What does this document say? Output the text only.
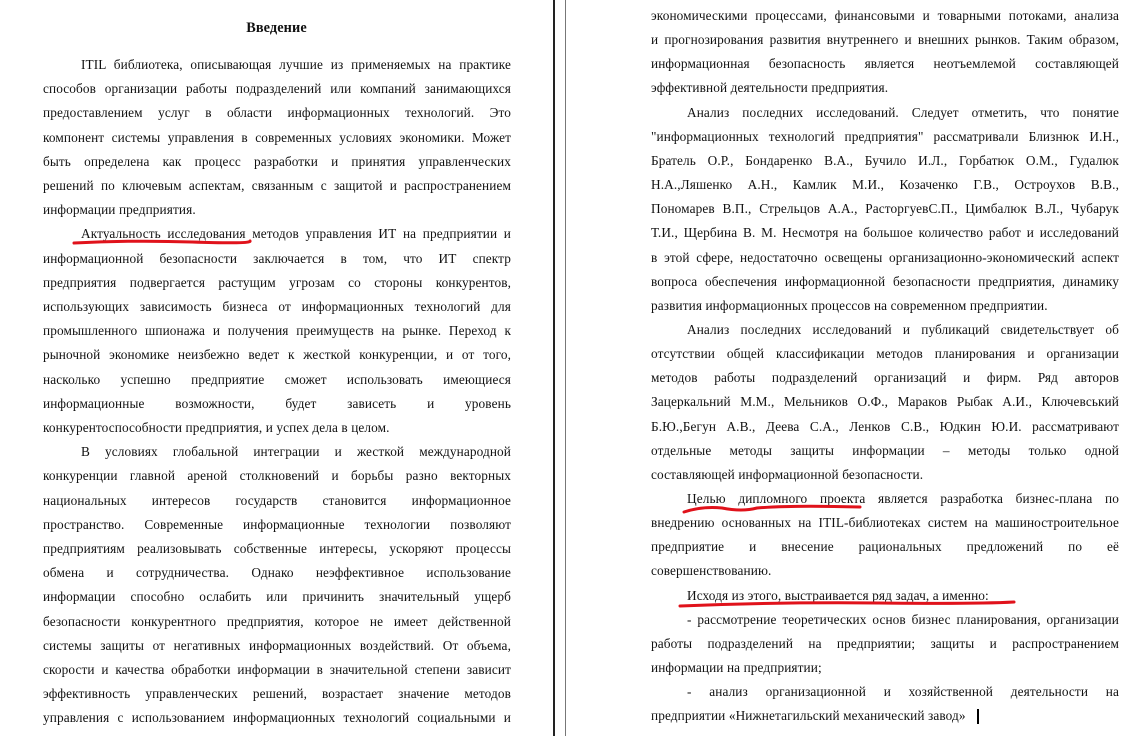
Введение
ITIL библиотека, описывающая лучшие из применяемых на практике
способов организации работы подразделений или компаний занимающихся
предоставлением услуг в области информационных технологий. Это
компонент системы управления в современных условиях экономики. Может
быть определена как процесс разработки и принятия управленческих
решений по ключевым аспектам, связанным с защитой и распространением
информации предприятия.
Актуальность исследования методов управления ИТ на предприятии и
информационной безопасности заключается в том, что ИТ спектр
предприятия подвергается растущим угрозам со стороны конкурентов,
использующих зависимость бизнеса от информационных технологий для
промышленного шпионажа и получения преимуществ на рынке. Переход к
рыночной экономике неизбежно ведет к жесткой конкуренции, и от того,
насколько успешно предприятие сможет использовать имеющиеся
информационные возможности, будет зависеть и уровень
конкурентоспособности предприятия, и успех дела в целом.
В условиях глобальной интеграции и жесткой международной
конкуренции главной ареной столкновений и борьбы разно векторных
национальных интересов государств становится информационное
пространство. Современные информационные технологии позволяют
предприятиям реализовывать собственные интересы, ускоряют процессы
обмена и сотрудничества. Однако неэффективное использование
информации способно ослабить или причинить значительный ущерб
безопасности конкурентного предприятия, которое не имеет действенной
системы защиты от негативных информационных воздействий. От объема,
скорости и качества обработки информации в значительной степени зависит
эффективность управленческих решений, возрастает значение методов
управления с использованием информационных технологий социальными и
экономическими процессами, финансовыми и товарными потоками, анализа
и прогнозирования развития внутреннего и внешних рынков. Таким образом,
информационная безопасность является неотъемлемой составляющей
эффективной деятельности предприятия.
Анализ последних исследований. Следует отметить, что понятие
"информационных технологий предприятия" рассматривали Близнюк И.Н.,
Братель О.Р., Бондаренко В.А., Бучило И.Л., Горбатюк О.М., Гудалюк
Н.А.,Ляшенко А.Н., Камлик М.И., Козаченко Г.В., Остроухов В.В.,
Пономарев В.П., Стрельцов А.А., РасторгуевС.П., Цимбалюк В.Л., Чубарук
Т.И., Щербина В. М. Несмотря на большое количество работ и исследований
в этой сфере, недостаточно освещены организационно-экономический аспект
вопроса обеспечения информационной безопасности предприятия, динамику
развития информационных процессов на современном предприятии.
Анализ последних исследований и публикаций свидетельствует об
отсутствии общей классификации методов планирования и организации
методов работы подразделений организаций и фирм. Ряд авторов
Зацеркальний М.М., Мельников О.Ф., Мараков Рыбак А.И., Ключевський
Б.Ю.,Бегун А.В., Деева С.А., Ленков С.В., Юдкин Ю.И. рассматривают
отдельные методы защиты информации – методы только одной
составляющей информационной безопасности.
Целью дипломного проекта является разработка бизнес-плана по
внедрению основанных на ITIL-библиотеках систем на машиностроительное
предприятие и внесение рациональных предложений по её
совершенствованию.
Исходя из этого, выстраивается ряд задач, а именно:
- рассмотрение теоретических основ бизнес планирования, организации
работы подразделений на предприятии; защиты и распространением
информации на предприятии;
- анализ организационной и хозяйственной деятельности на
предприятии «Нижнетагильский механический завод»
